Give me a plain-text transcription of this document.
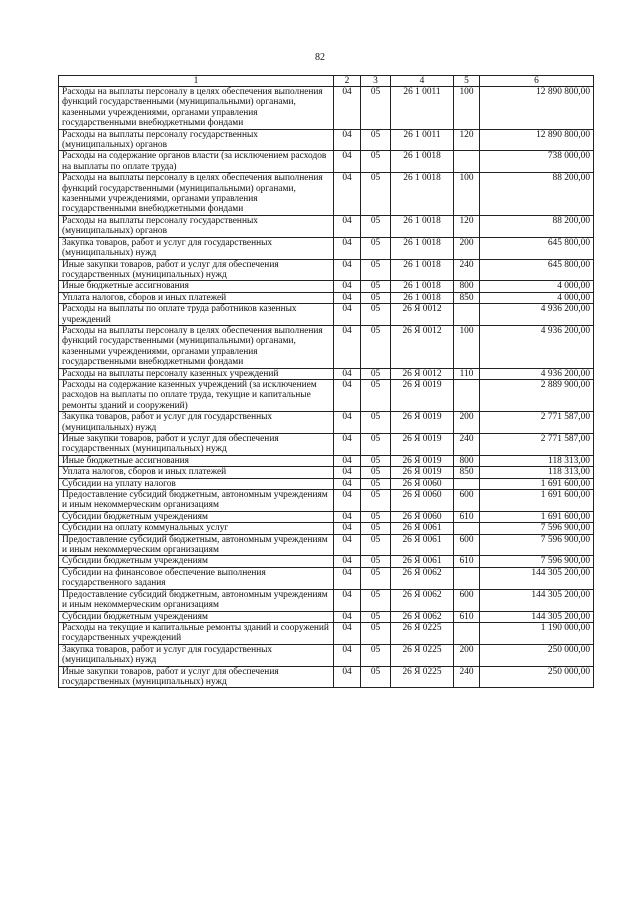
82
1	2	3	4	5	6
Расходы на выплаты персоналу в целях обеспечения выполнения функций государственными (муниципальными) органами, казенными учреждениями, органами управления государственными внебюджетными фондами	04	05	26 1 0011	100	12 890 800,00
Расходы на выплаты персоналу государственных (муниципальных) органов	04	05	26 1 0011	120	12 890 800,00
Расходы на содержание органов власти (за исключением расходов на выплаты по оплате труда)	04	05	26 1 0018		738 000,00
Расходы на выплаты персоналу в целях обеспечения выполнения функций государственными (муниципальными) органами, казенными учреждениями, органами управления государственными внебюджетными фондами	04	05	26 1 0018	100	88 200,00
Расходы на выплаты персоналу государственных (муниципальных) органов	04	05	26 1 0018	120	88 200,00
Закупка товаров, работ и услуг для государственных (муниципальных) нужд	04	05	26 1 0018	200	645 800,00
Иные закупки товаров, работ и услуг для обеспечения государственных (муниципальных) нужд	04	05	26 1 0018	240	645 800,00
Иные бюджетные ассигнования	04	05	26 1 0018	800	4 000,00
Уплата налогов, сборов и иных платежей	04	05	26 1 0018	850	4 000,00
Расходы на выплаты по оплате труда работников казенных учреждений	04	05	26 Я 0012		4 936 200,00
Расходы на выплаты персоналу в целях обеспечения выполнения функций государственными (муниципальными) органами, казенными учреждениями, органами управления государственными внебюджетными фондами	04	05	26 Я 0012	100	4 936 200,00
Расходы на выплаты персоналу казенных учреждений	04	05	26 Я 0012	110	4 936 200,00
Расходы на содержание казенных учреждений (за исключением расходов на выплаты по оплате труда, текущие и капитальные ремонты зданий и сооружений)	04	05	26 Я 0019		2 889 900,00
Закупка товаров, работ и услуг для государственных (муниципальных) нужд	04	05	26 Я 0019	200	2 771 587,00
Иные закупки товаров, работ и услуг для обеспечения государственных (муниципальных) нужд	04	05	26 Я 0019	240	2 771 587,00
Иные бюджетные ассигнования	04	05	26 Я 0019	800	118 313,00
Уплата налогов, сборов и иных платежей	04	05	26 Я 0019	850	118 313,00
Субсидии на уплату налогов	04	05	26 Я 0060		1 691 600,00
Предоставление субсидий бюджетным, автономным учреждениям и иным некоммерческим организациям	04	05	26 Я 0060	600	1 691 600,00
Субсидии бюджетным учреждениям	04	05	26 Я 0060	610	1 691 600,00
Субсидии на оплату коммунальных услуг	04	05	26 Я 0061		7 596 900,00
Предоставление субсидий бюджетным, автономным учреждениям и иным некоммерческим организациям	04	05	26 Я 0061	600	7 596 900,00
Субсидии бюджетным учреждениям	04	05	26 Я 0061	610	7 596 900,00
Субсидии на финансовое обеспечение выполнения государственного задания	04	05	26 Я 0062		144 305 200,00
Предоставление субсидий бюджетным, автономным учреждениям и иным некоммерческим организациям	04	05	26 Я 0062	600	144 305 200,00
Субсидии бюджетным учреждениям	04	05	26 Я 0062	610	144 305 200,00
Расходы на текущие и капитальные ремонты зданий и сооружений государственных учреждений	04	05	26 Я 0225		1 190 000,00
Закупка товаров, работ и услуг для государственных (муниципальных) нужд	04	05	26 Я 0225	200	250 000,00
Иные закупки товаров, работ и услуг для обеспечения государственных (муниципальных) нужд	04	05	26 Я 0225	240	250 000,00
